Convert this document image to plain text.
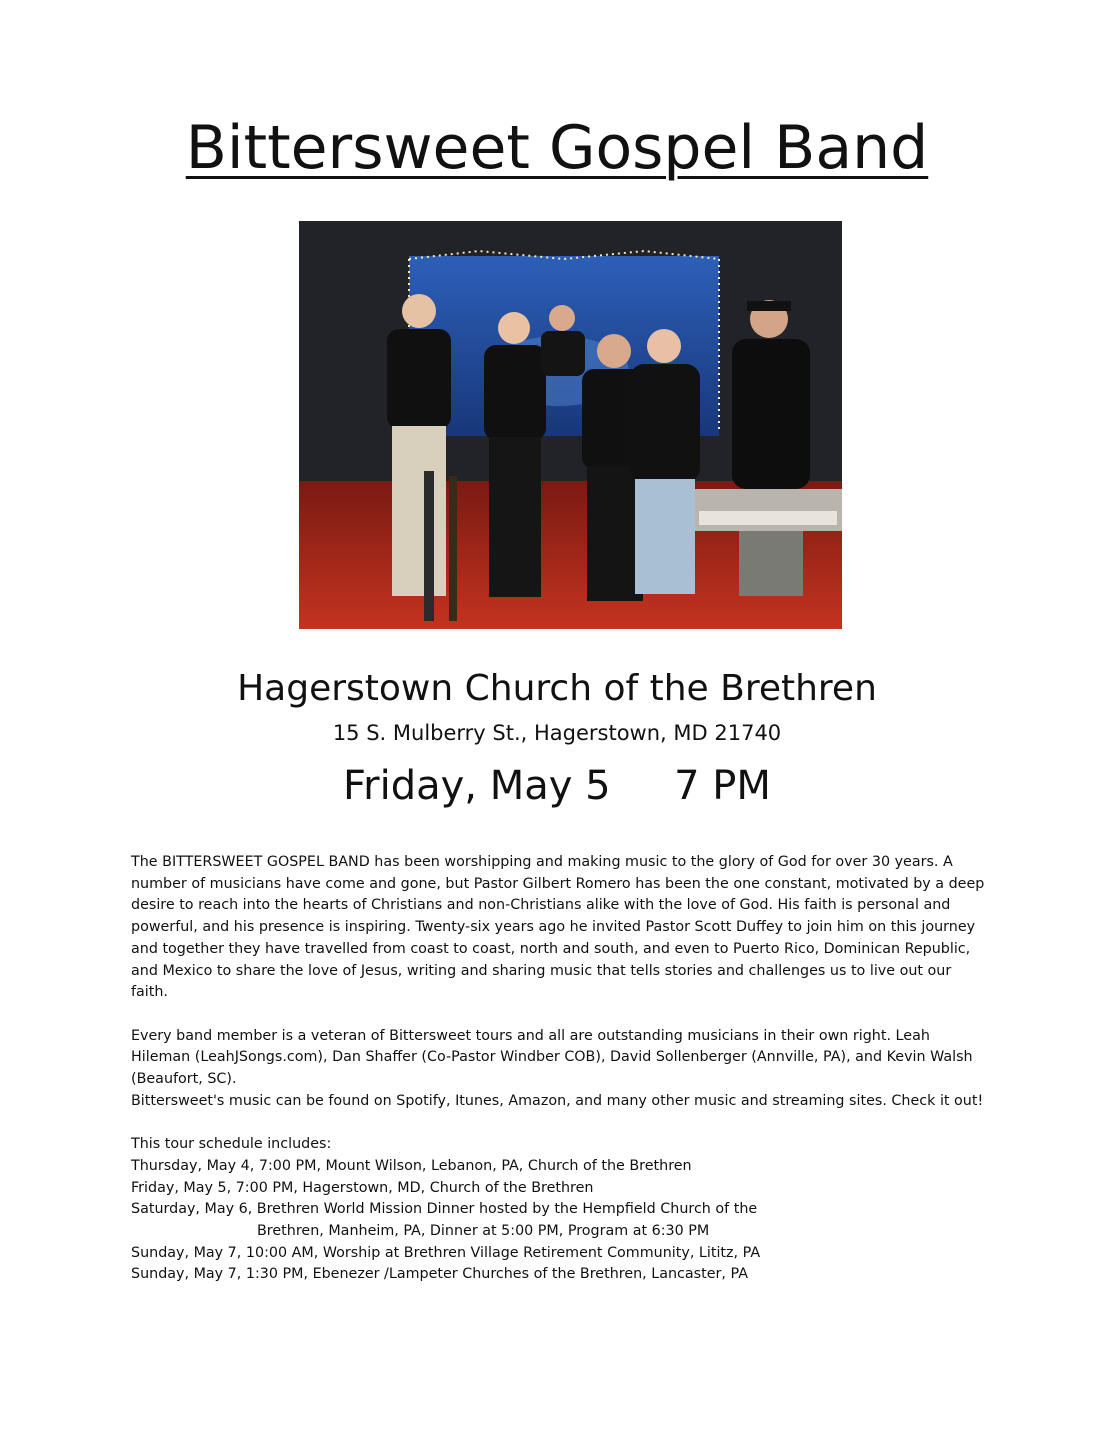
Bittersweet Gospel Band
Hagerstown Church of the Brethren
15 S. Mulberry St., Hagerstown, MD 21740
Friday, May 5     7 PM

The BITTERSWEET GOSPEL BAND has been worshipping and making music to the glory of God for over 30 years. A number of musicians have come and gone, but Pastor Gilbert Romero has been the one constant, motivated by a deep desire to reach into the hearts of Christians and non-Christians alike with the love of God. His faith is personal and powerful, and his presence is inspiring. Twenty-six years ago he invited Pastor Scott Duffey to join him on this journey and together they have travelled from coast to coast, north and south, and even to Puerto Rico, Dominican Republic, and Mexico to share the love of Jesus, writing and sharing music that tells stories and challenges us to live out our faith.

Every band member is a veteran of Bittersweet tours and all are outstanding musicians in their own right. Leah Hileman (LeahJSongs.com), Dan Shaffer (Co-Pastor Windber COB), David Sollenberger (Annville, PA), and Kevin Walsh (Beaufort, SC).

Bittersweet's music can be found on Spotify, Itunes, Amazon, and many other music and streaming sites. Check it out!

This tour schedule includes:
Thursday, May 4, 7:00 PM, Mount Wilson, Lebanon, PA, Church of the Brethren
Friday, May 5, 7:00 PM, Hagerstown, MD, Church of the Brethren
Saturday, May 6, Brethren World Mission Dinner hosted by the Hempfield Church of the
Brethren, Manheim, PA, Dinner at 5:00 PM, Program at 6:30 PM
Sunday, May 7, 10:00 AM, Worship at Brethren Village Retirement Community, Lititz, PA
Sunday, May 7, 1:30 PM, Ebenezer /Lampeter Churches of the Brethren, Lancaster, PA
